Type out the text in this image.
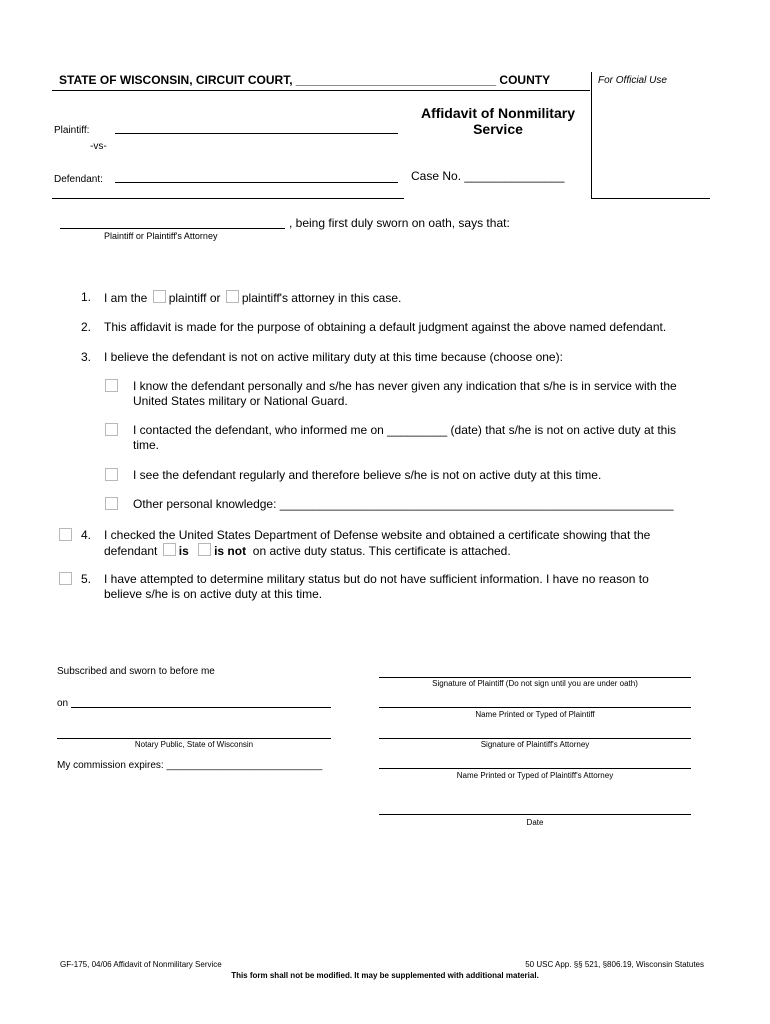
STATE OF WISCONSIN, CIRCUIT COURT, ______________________________ COUNTY	For Official Use
Plaintiff:
-vs-
Defendant:
Affidavit of Nonmilitary
Service
Case No. _______________
, being first duly sworn on oath, says that:
Plaintiff or Plaintiff's Attorney
1. I am the plaintiff or plaintiff's attorney in this case.
2. This affidavit is made for the purpose of obtaining a default judgment against the above named defendant.
3. I believe the defendant is not on active military duty at this time because (choose one):
I know the defendant personally and s/he has never given any indication that s/he is in service with the
United States military or National Guard.
I contacted the defendant, who informed me on _________ (date) that s/he is not on active duty at this
time.
I see the defendant regularly and therefore believe s/he is not on active duty at this time.
Other personal knowledge: ___________________________________________________________
4. I checked the United States Department of Defense website and obtained a certificate showing that the
defendant is is not on active duty status. This certificate is attached.
5. I have attempted to determine military status but do not have sufficient information. I have no reason to
believe s/he is on active duty at this time.
Subscribed and sworn to before me
on
Notary Public, State of Wisconsin
My commission expires: ____________________________
Signature of Plaintiff (Do not sign until you are under oath)
Name Printed or Typed of Plaintiff
Signature of Plaintiff's Attorney
Name Printed or Typed of Plaintiff's Attorney
Date
GF-175, 04/06 Affidavit of Nonmilitary Service	50 USC App. §§ 521, §806.19, Wisconsin Statutes
This form shall not be modified. It may be supplemented with additional material.
